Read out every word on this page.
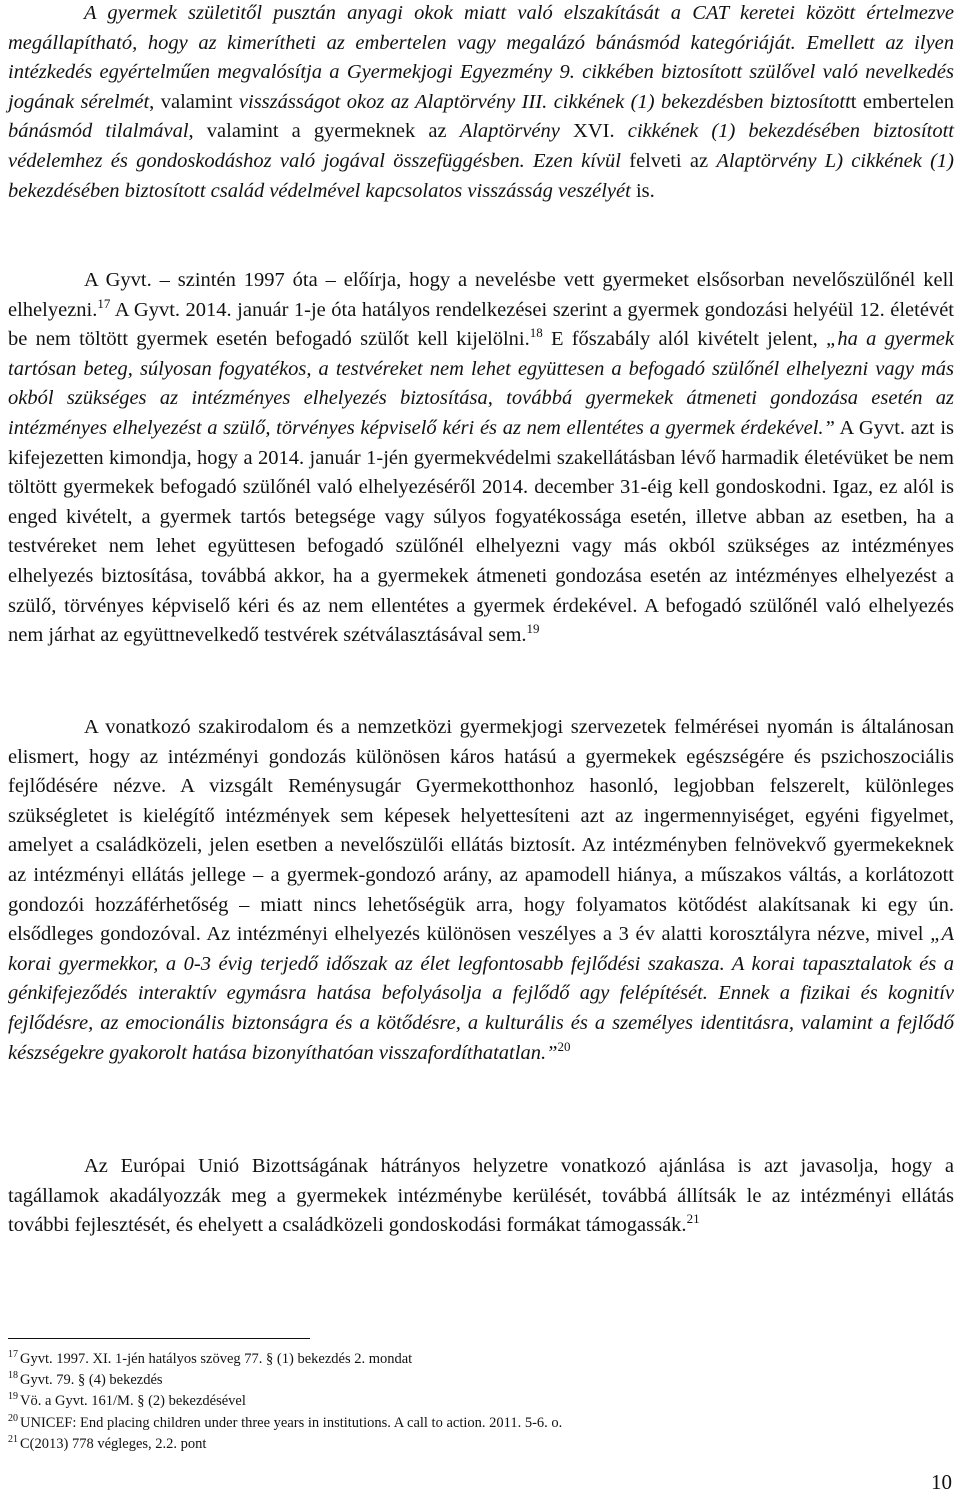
A gyermek születitől pusztán anyagi okok miatt való elszakítását a CAT keretei között értelmezve megállapítható, hogy az kimerítheti az embertelen vagy megalázó bánásmód kategóriáját. Emellett az ilyen intézkedés egyértelműen megvalósítja a Gyermekjogi Egyezmény 9. cikkében biztosított szülővel való nevelkedés jogának sérelmét, valamint visszásságot okoz az Alaptörvény III. cikkének (1) bekezdésben biztosítottt embertelen bánásmód tilalmával, valamint a gyermeknek az Alaptörvény XVI. cikkének (1) bekezdésében biztosított védelemhez és gondoskodáshoz való jogával összefüggésben. Ezen kívül felveti az Alaptörvény L) cikkének (1) bekezdésében biztosított család védelmével kapcsolatos visszásság veszélyét is.

A Gyvt. – szintén 1997 óta – előírja, hogy a nevelésbe vett gyermeket elsősorban nevelőszülőnél kell elhelyezni.$^{17}$ A Gyvt. 2014. január 1-je óta hatályos rendelkezései szerint a gyermek gondozási helyéül 12. életévét be nem töltött gyermek esetén befogadó szülőt kell kijelölni.$^{18}$ E főszabály alól kivételt jelent, „ha a gyermek tartósan beteg, súlyosan fogyatékos, a testvéreket nem lehet együttesen a befogadó szülőnél elhelyezni vagy más okból szükséges az intézményes elhelyezés biztosítása, továbbá gyermekek átmeneti gondozása esetén az intézményes elhelyezést a szülő, törvényes képviselő kéri és az nem ellentétes a gyermek érdekével.” A Gyvt. azt is kifejezetten kimondja, hogy a 2014. január 1-jén gyermekvédelmi szakellátásban lévő harmadik életévüket be nem töltött gyermekek befogadó szülőnél való elhelyezéséről 2014. december 31-éig kell gondoskodni. Igaz, ez alól is enged kivételt, a gyermek tartós betegsége vagy súlyos fogyatékossága esetén, illetve abban az esetben, ha a testvéreket nem lehet együttesen befogadó szülőnél elhelyezni vagy más okból szükséges az intézményes elhelyezés biztosítása, továbbá akkor, ha a gyermekek átmeneti gondozása esetén az intézményes elhelyezést a szülő, törvényes képviselő kéri és az nem ellentétes a gyermek érdekével. A befogadó szülőnél való elhelyezés nem járhat az együttnevelkedő testvérek szétválasztásával sem.$^{19}$

A vonatkozó szakirodalom és a nemzetközi gyermekjogi szervezetek felmérései nyomán is általánosan elismert, hogy az intézményi gondozás különösen káros hatású a gyermekek egészségére és pszichoszociális fejlődésére nézve. A vizsgált Reménysugár Gyermekotthonhoz hasonló, legjobban felszerelt, különleges szükségletet is kielégítő intézmények sem képesek helyettesíteni azt az ingermennyiséget, egyéni figyelmet, amelyet a családközeli, jelen esetben a nevelőszülői ellátás biztosít. Az intézményben felnövekvő gyermekeknek az intézményi ellátás jellege – a gyermek-gondozó arány, az apamodell hiánya, a műszakos váltás, a korlátozott gondozói hozzáférhetőség – miatt nincs lehetőségük arra, hogy folyamatos kötődést alakítsanak ki egy ún. elsődleges gondozóval. Az intézményi elhelyezés különösen veszélyes a 3 év alatti korosztályra nézve, mivel „A korai gyermekkor, a 0-3 évig terjedő időszak az élet legfontosabb fejlődési szakasza. A korai tapasztalatok és a génkifejeződés interaktív egymásra hatása befolyásolja a fejlődő agy felépítését. Ennek a fizikai és kognitív fejlődésre, az emocionális biztonságra és a kötődésre, a kulturális és a személyes identitásra, valamint a fejlődő készségekre gyakorolt hatása bizonyíthatóan visszafordíthatatlan.”$^{20}$

Az Európai Unió Bizottságának hátrányos helyzetre vonatkozó ajánlása is azt javasolja, hogy a tagállamok akadályozzák meg a gyermekek intézménybe kerülését, továbbá állítsák le az intézményi ellátás további fejlesztését, és ehelyett a családközeli gondoskodási formákat támogassák.$^{21}$

$^{17}$ Gyvt. 1997. XI. 1-jén hatályos szöveg 77. § (1) bekezdés 2. mondat

$^{18}$ Gyvt. 79. § (4) bekezdés

$^{19}$ Vö. a Gyvt. 161/M. § (2) bekezdésével

$^{20}$ UNICEF: End placing children under three years in institutions. A call to action. 2011. 5-6. o.

$^{21}$ C(2013) 778 végleges, 2.2. pont

10
